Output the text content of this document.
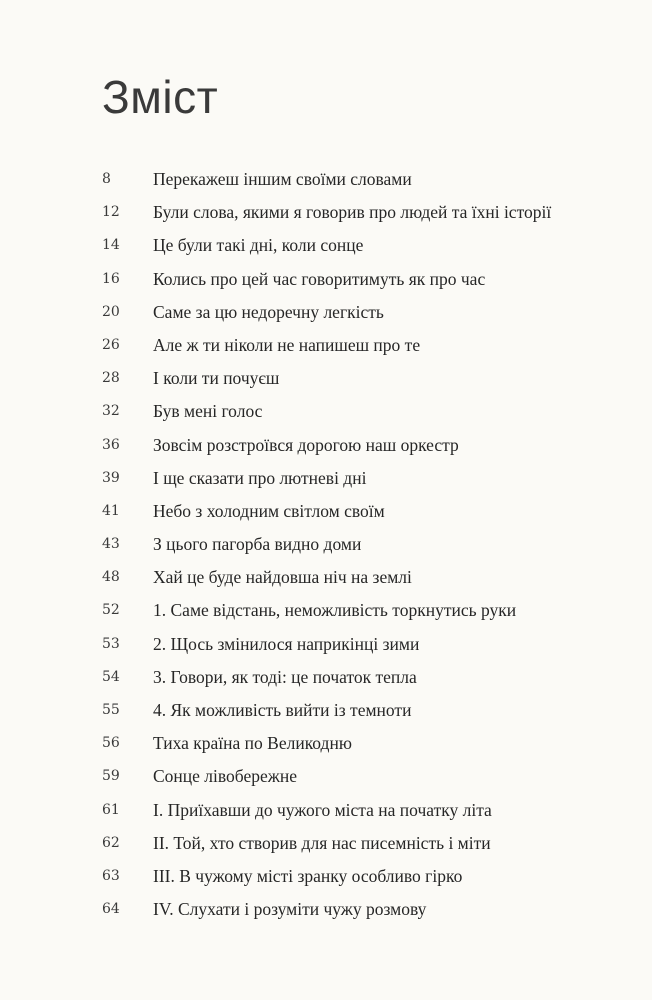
Зміст
8	Перекажеш іншим своїми словами
12	Були слова, якими я говорив про людей та їхні історії
14	Це були такі дні, коли сонце
16	Колись про цей час говоритимуть як про час
20	Саме за цю недоречну легкість
26	Але ж ти ніколи не напишеш про те
28	І коли ти почуєш
32	Був мені голос
36	Зовсім розстроївся дорогою наш оркестр
39	І ще сказати про лютневі дні
41	Небо з холодним світлом своїм
43	З цього пагорба видно доми
48	Хай це буде найдовша ніч на землі
52	1. Саме відстань, неможливість торкнутись руки
53	2. Щось змінилося наприкінці зими
54	3. Говори, як тоді: це початок тепла
55	4. Як можливість вийти із темноти
56	Тиха країна по Великодню
59	Сонце лівобережне
61	І. Приїхавши до чужого міста на початку літа
62	ІІ. Той, хто створив для нас писемність і міти
63	ІІІ. В чужому місті зранку особливо гірко
64	IV. Слухати і розуміти чужу розмову
